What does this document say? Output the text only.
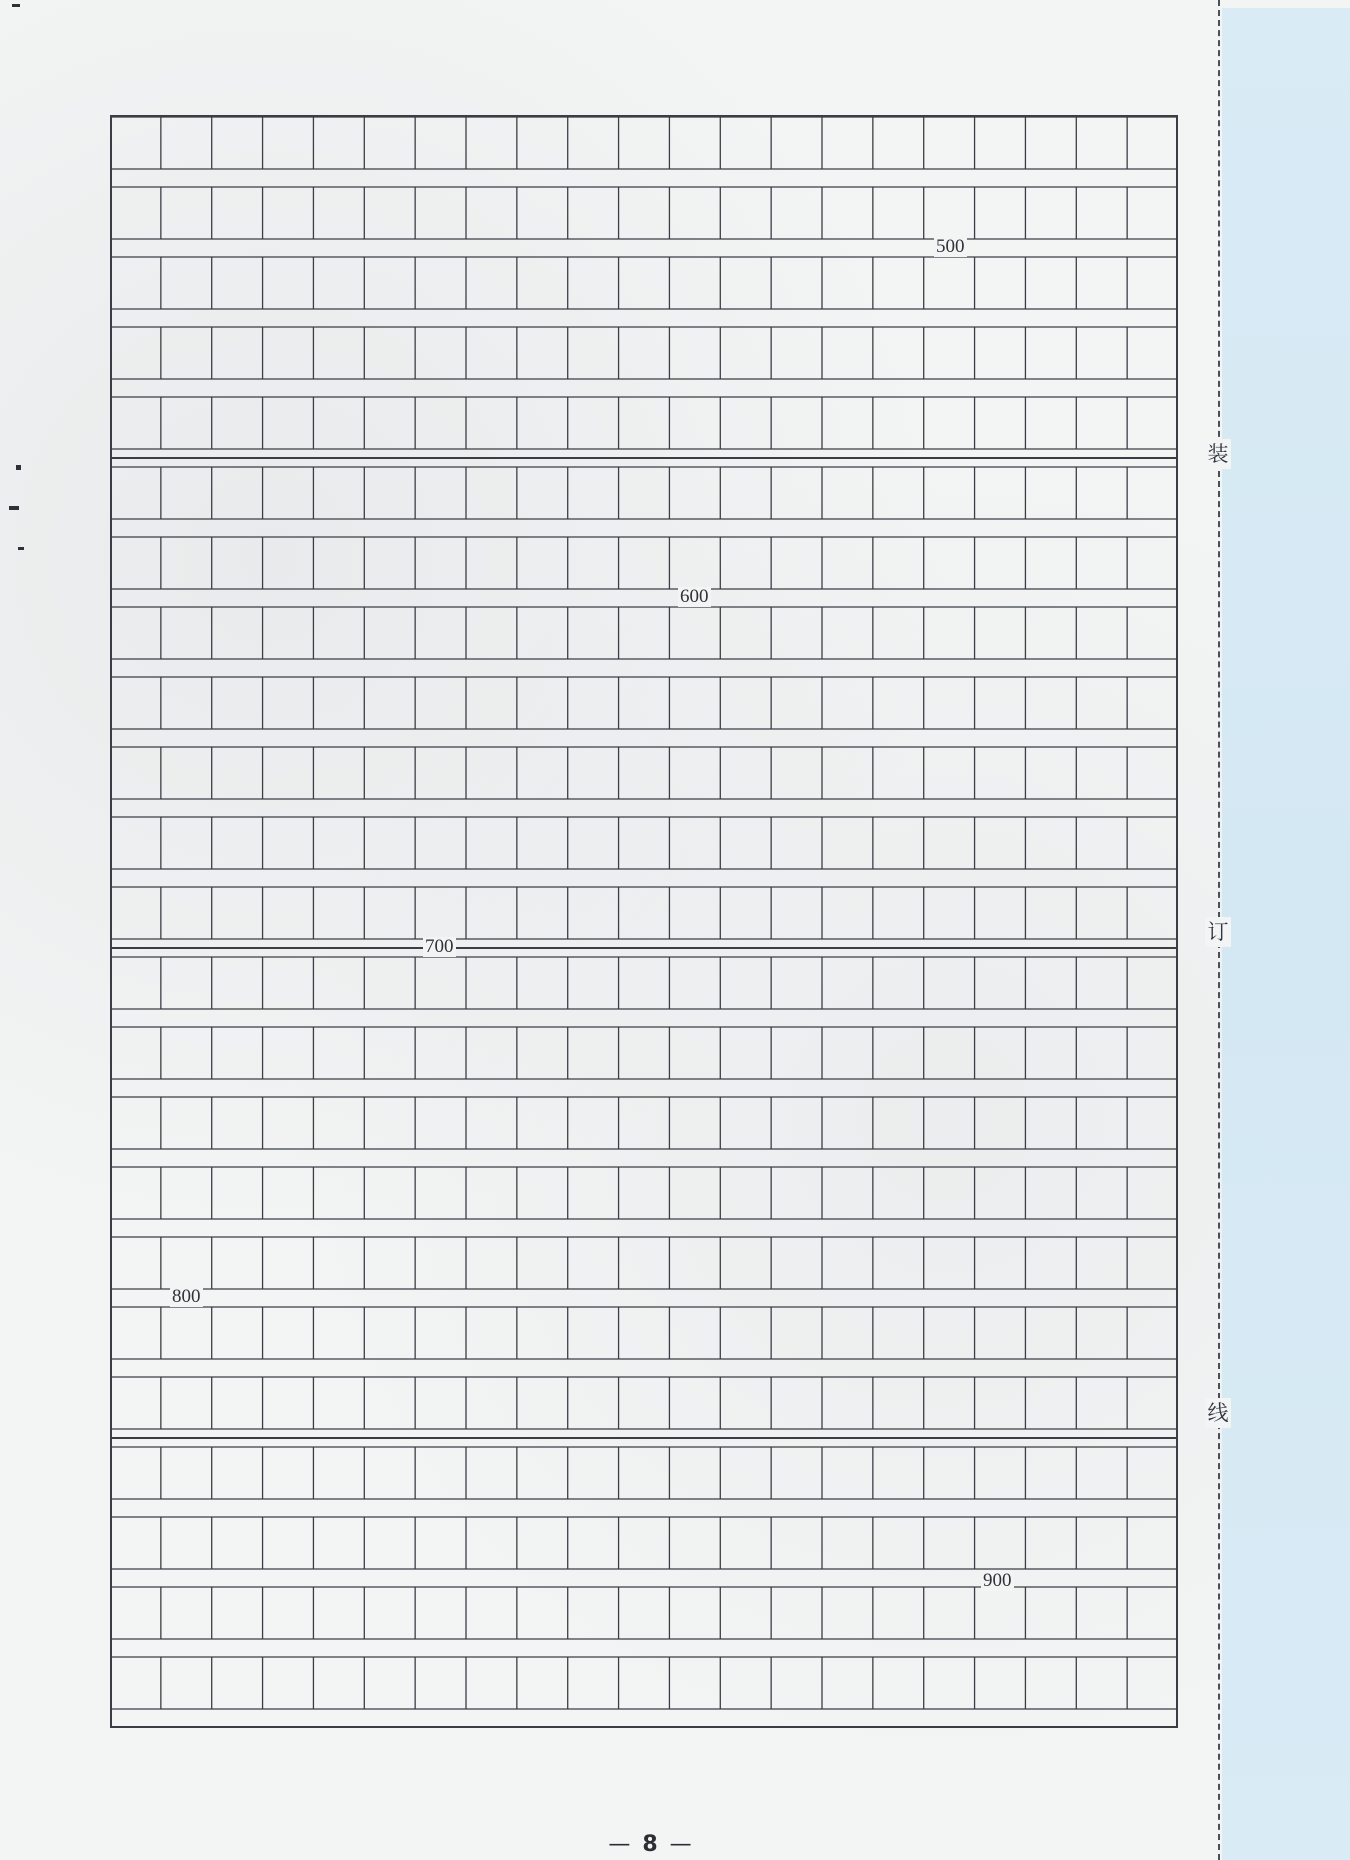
装
订
线
500
600
700
800
900
— 8 —
